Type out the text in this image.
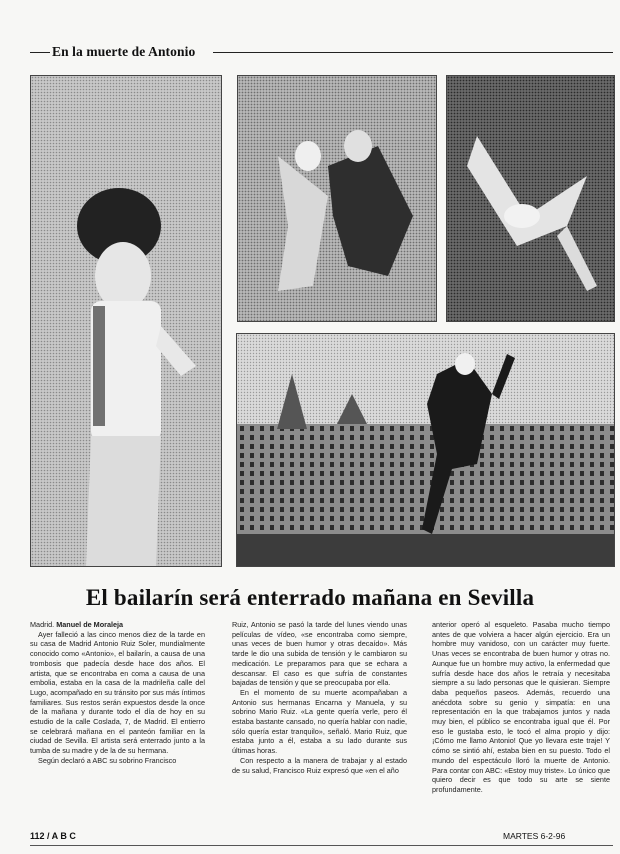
En la muerte de Antonio
El bailarín será enterrado mañana en Sevilla

Madrid. Manuel de Moraleja

Ayer falleció a las cinco menos diez de la tarde en su casa de Madrid Antonio Ruiz Soler, mundialmente conocido como «Antonio», el bailarín, a causa de una trombosis que padecía desde hace dos años. El artista, que se encontraba en coma a causa de una embolia, estaba en la casa de la madrileña calle del Lugo, acompañado en su tránsito por sus más íntimos familiares. Sus restos serán expuestos desde la once de la mañana y durante todo el día de hoy en su estudio de la calle Coslada, 7, de Madrid. El entierro se celebrará mañana en el panteón familiar en la ciudad de Sevilla. El artista será enterrado junto a la tumba de su madre y de la de su hermana.

Según declaró a ABC su sobrino Francisco

Ruiz, Antonio se pasó la tarde del lunes viendo unas películas de vídeo, «se encontraba como siempre, unas veces de buen humor y otras decaído». Más tarde le dio una subida de tensión y le cambiaron su medicación. Le preparamos para que se echara a descansar. El caso es que sufría de constantes bajadas de tensión y que se preocupaba por ella.

En el momento de su muerte acompañaban a Antonio sus hermanas Encarna y Manuela, y su sobrino Mario Ruiz. «La gente quería verle, pero él estaba bastante cansado, no quería hablar con nadie, sólo quería estar tranquilo», señaló. Mario Ruiz, que estaba junto a él, estaba a su lado durante sus últimas horas.

Con respecto a la manera de trabajar y al estado de su salud, Francisco Ruiz expresó que «en el año

anterior operó al esqueleto. Pasaba mucho tiempo antes de que volviera a hacer algún ejercicio. Era un hombre muy vanidoso, con un carácter muy fuerte. Unas veces se encontraba de buen humor y otras no. Aunque fue un hombre muy activo, la enfermedad que sufría desde hace dos años le retraía y necesitaba siempre a su lado personas que le quisieran. Siempre daba pequeños paseos. Además, recuerdo una anécdota sobre su genio y simpatía: en una representación en la que trabajamos juntos y nada muy bien, el público se encontraba igual que él. Por eso le gustaba esto, le tocó el alma propio y dijo: ¡Cómo me llamo Antonio! Que yo llevara este traje! Y cómo se sintió ahí, estaba bien en su puesto. Todo el mundo del espectáculo lloró la muerte de Antonio. Para contar con ABC: «Estoy muy triste». Lo único que quiero decir es que todo su arte se siente profundamente.

112 / A B C	MARTES 6-2-96
